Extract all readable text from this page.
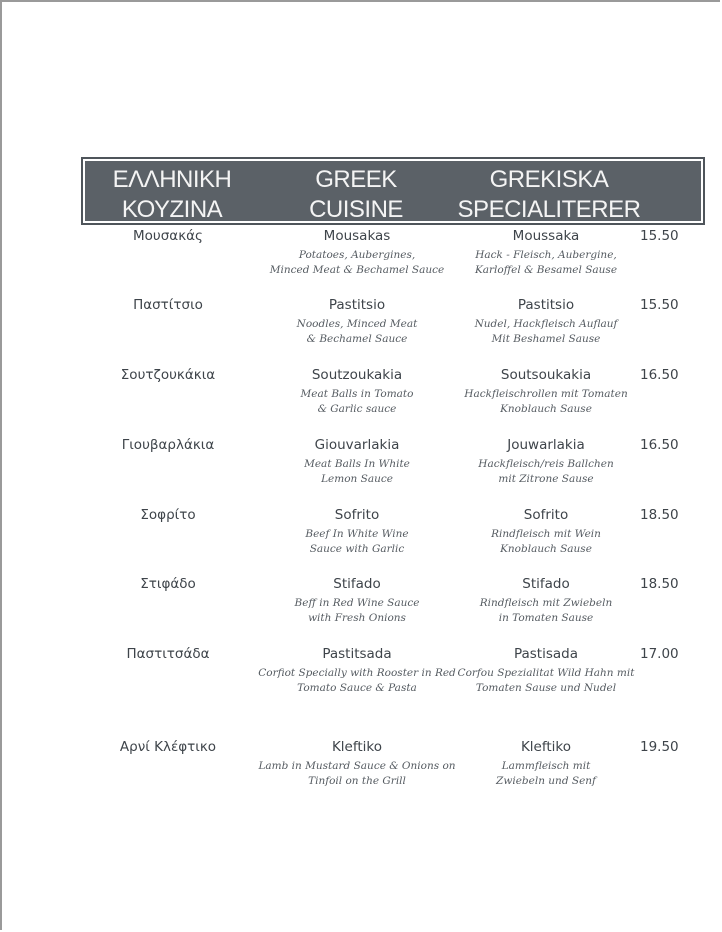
ΕΛΛΗΝΙΚΗ
ΚΟΥΖΙΝΑ
GREEK
CUISINE
GREKISKA
SPECIALITERER
Μουσακάς	Mousakas	Moussaka	15.50
Potatoes, Aubergines,
Minced Meat & Bechamel Sauce
Hack - Fleisch, Aubergine,
Karloffel & Besamel Sause
Παστίτσιο	Pastitsio	Pastitsio	15.50
Noodles, Minced Meat
& Bechamel Sauce
Nudel, Hackfleisch Auflauf
Mit Beshamel Sause
Σουτζουκάκια	Soutzoukakia	Soutsoukakia	16.50
Meat Balls in Tomato
& Garlic sauce
Hackfleischrollen mit Tomaten
Knoblauch Sause
Γιουβαρλάκια	Giouvarlakia	Jouwarlakia	16.50
Meat Balls In White
Lemon Sauce
Hackfleisch/reis Ballchen
mit Zitrone Sause
Σοφρίτο	Sofrito	Sofrito	18.50
Beef In White Wine
Sauce with Garlic
Rindfleisch mit Wein
Knoblauch Sause
Στιφάδο	Stifado	Stifado	18.50
Beff in Red Wine Sauce
with Fresh Onions
Rindfleisch mit Zwiebeln
in Tomaten Sause
Παστιτσάδα	Pastitsada	Pastisada	17.00
Corfiot Specially with Rooster in Red
Tomato Sauce & Pasta
Corfou Spezialitat Wild Hahn mit
Tomaten Sause und Nudel
Αρνί Κλέφτικο	Kleftiko	Kleftiko	19.50
Lamb in Mustard Sauce & Onions on
Tinfoil on the Grill
Lammfleisch mit
Zwiebeln und Senf
